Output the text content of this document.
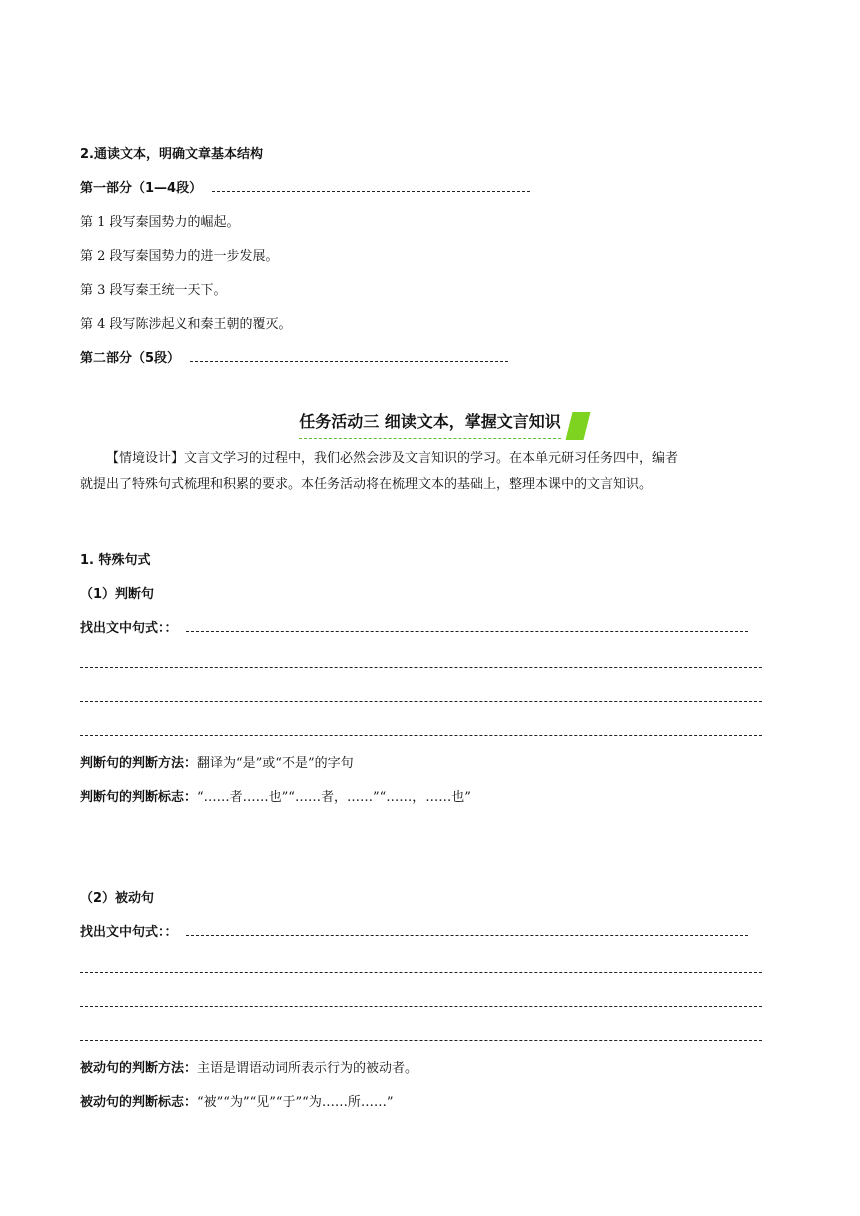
2.通读文本，明确文章基本结构
第一部分（1—4段）
第 1 段写秦国势力的崛起。
第 2 段写秦国势力的进一步发展。
第 3 段写秦王统一天下。
第 4 段写陈涉起义和秦王朝的覆灭。
第二部分（5段）
任务活动三 细读文本，掌握文言知识
【情境设计】文言文学习的过程中，我们必然会涉及文言知识的学习。在本单元研习任务四中，编者
就提出了特殊句式梳理和积累的要求。本任务活动将在梳理文本的基础上，整理本课中的文言知识。
1. 特殊句式
（1）判断句
找出文中句式：：
判断句的判断方法：翻译为“是”或“不是”的字句
判断句的判断标志：“……者……也”“……者，……”“……，……也”
（2）被动句
找出文中句式：：
被动句的判断方法：主语是谓语动词所表示行为的被动者。
被动句的判断标志：“被”“为”“见”“于”“为……所……”
